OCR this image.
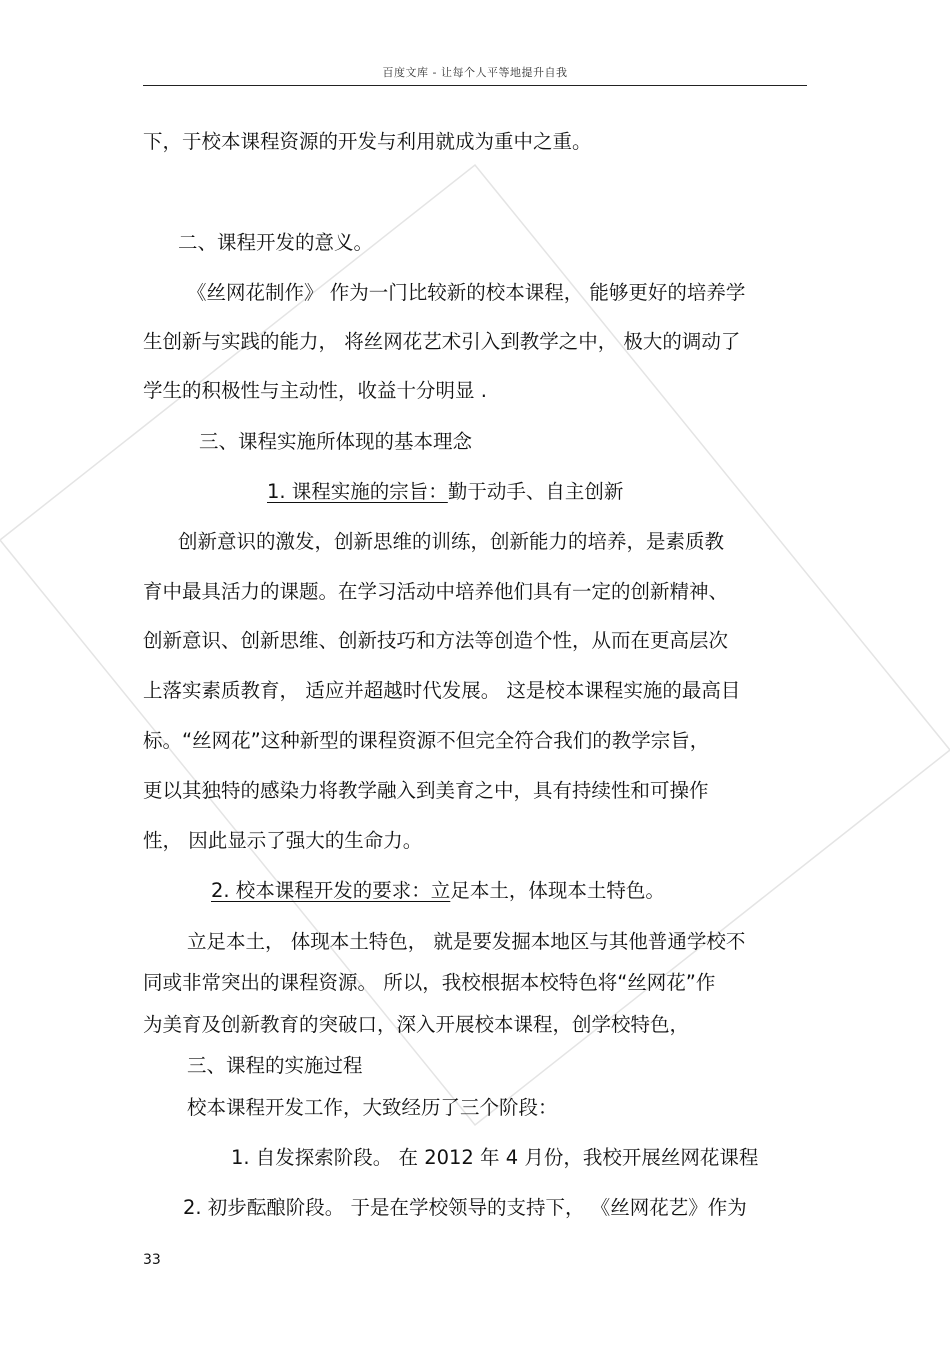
百度文库 - 让每个人平等地提升自我
下，于校本课程资源的开发与利用就成为重中之重。
二、课程开发的意义。
《丝网花制作》 作为一门比较新的校本课程， 能够更好的培养学
生创新与实践的能力， 将丝网花艺术引入到教学之中， 极大的调动了
学生的积极性与主动性，收益十分明显 .
三、课程实施所体现的基本理念
1. 课程实施的宗旨：勤于动手、自主创新
创新意识的激发，创新思维的训练，创新能力的培养，是素质教
育中最具活力的课题。在学习活动中培养他们具有一定的创新精神、
创新意识、创新思维、创新技巧和方法等创造个性，从而在更高层次
上落实素质教育， 适应并超越时代发展。 这是校本课程实施的最高目
标。“丝网花”这种新型的课程资源不但完全符合我们的教学宗旨，
更以其独特的感染力将教学融入到美育之中，具有持续性和可操作
性， 因此显示了强大的生命力。
2. 校本课程开发的要求：立足本土，体现本土特色。
立足本土， 体现本土特色， 就是要发掘本地区与其他普通学校不
同或非常突出的课程资源。 所以，我校根据本校特色将“丝网花”作
为美育及创新教育的突破口，深入开展校本课程，创学校特色，
三、课程的实施过程
校本课程开发工作，大致经历了三个阶段：
1. 自发探索阶段。 在 2012 年 4 月份，我校开展丝网花课程
2. 初步酝酿阶段。 于是在学校领导的支持下， 《丝网花艺》作为
33
